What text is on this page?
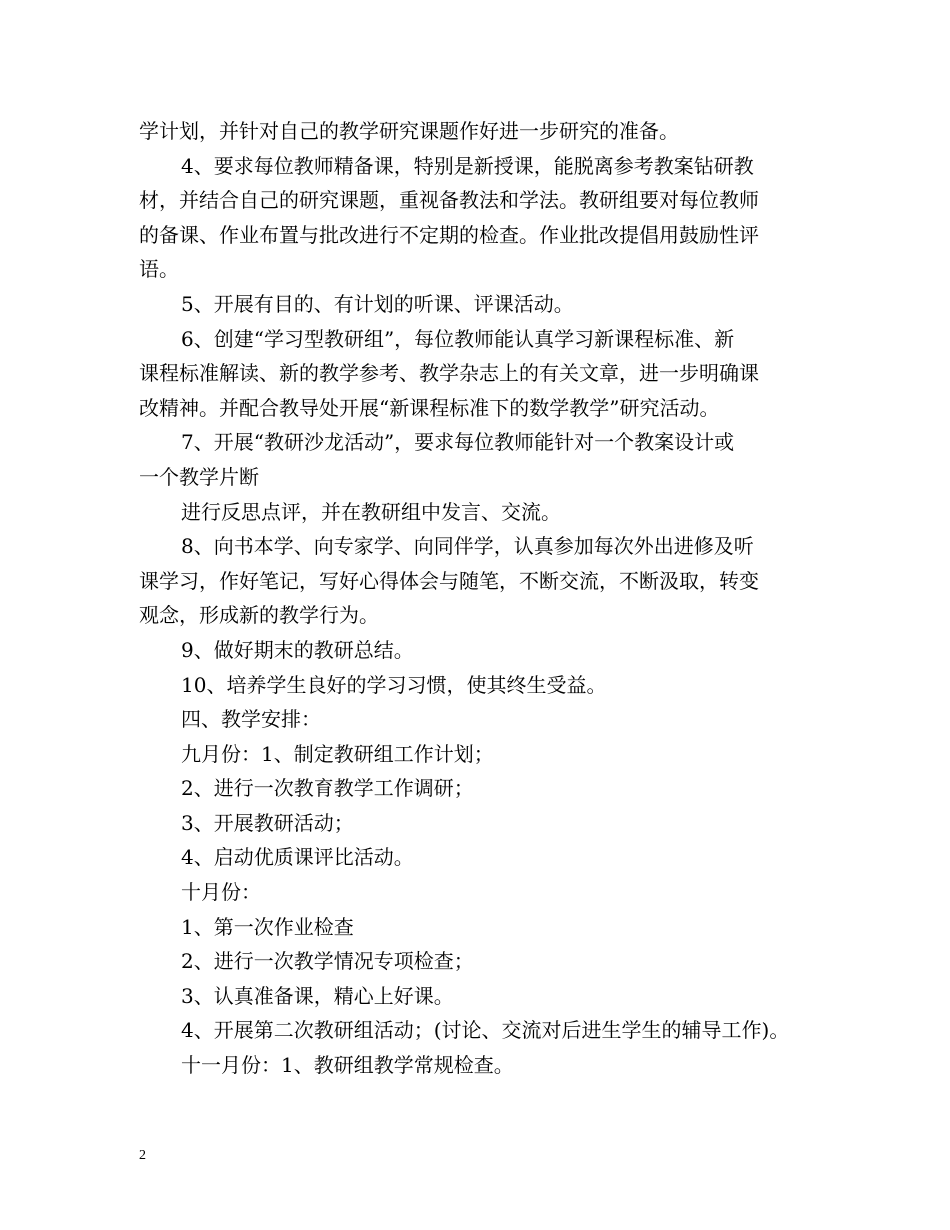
学计划，并针对自己的教学研究课题作好进一步研究的准备。

4、要求每位教师精备课，特别是新授课，能脱离参考教案钻研教

材，并结合自己的研究课题，重视备教法和学法。教研组要对每位教师

的备课、作业布置与批改进行不定期的检查。作业批改提倡用鼓励性评

语。

5、开展有目的、有计划的听课、评课活动。

6、创建“学习型教研组”，每位教师能认真学习新课程标准、新

课程标准解读、新的教学参考、教学杂志上的有关文章，进一步明确课

改精神。并配合教导处开展“新课程标准下的数学教学”研究活动。

7、开展“教研沙龙活动”，要求每位教师能针对一个教案设计或

一个教学片断

进行反思点评，并在教研组中发言、交流。

8、向书本学、向专家学、向同伴学，认真参加每次外出进修及听

课学习，作好笔记，写好心得体会与随笔，不断交流，不断汲取，转变

观念，形成新的教学行为。

9、做好期末的教研总结。

10、培养学生良好的学习习惯，使其终生受益。

四、教学安排：

九月份：1、制定教研组工作计划；

2、进行一次教育教学工作调研；

3、开展教研活动；

4、启动优质课评比活动。

十月份：

1、第一次作业检查

2、进行一次教学情况专项检查；

3、认真准备课，精心上好课。

4、开展第二次教研组活动；(讨论、交流对后进生学生的辅导工作)。

十一月份：1、教研组教学常规检查。

2
